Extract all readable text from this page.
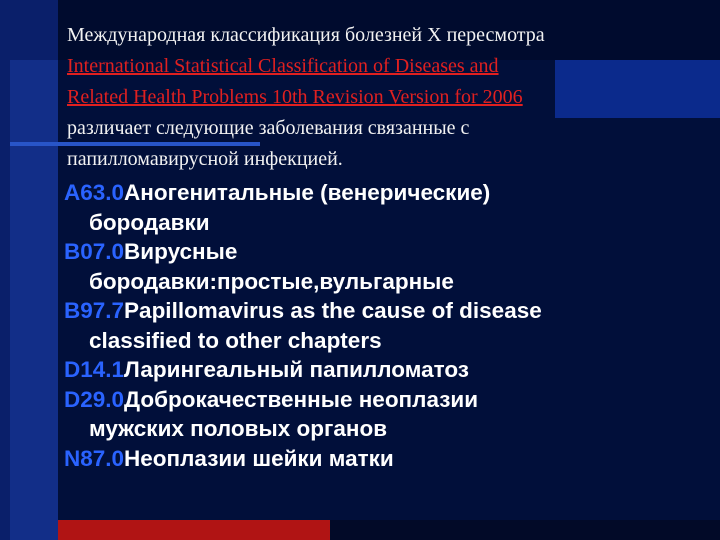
Международная классификация болезней X пересмотра
International Statistical Classification of Diseases and
Related Health Problems 10th Revision Version for 2006
различает следующие заболевания связанные с
папилломавирусной инфекцией.
A63.0Аногенитальные (венерические)
бородавки
B07.0Вирусные
бородавки:простые,вульгарные
B97.7Papillomavirus as the cause of disease
classified to other chapters
D14.1Ларингеальный папилломатоз
D29.0Доброкачественные неоплазии
мужских половых органов
N87.0Неоплазии шейки матки
